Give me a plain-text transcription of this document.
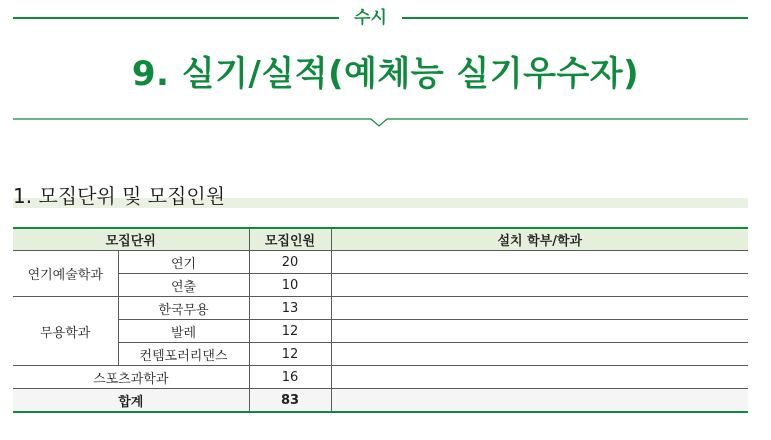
수시
9. 실기/실적(예체능 실기우수자)
1. 모집단위 및 모집인원
모집단위		모집인원	설치 학부/학과
연기예술학과	연기	20	
	연출	10	
무용학과	한국무용	13	
	발레	12	
	컨템포러리댄스	12	
스포츠과학과		16	
합계		83	
